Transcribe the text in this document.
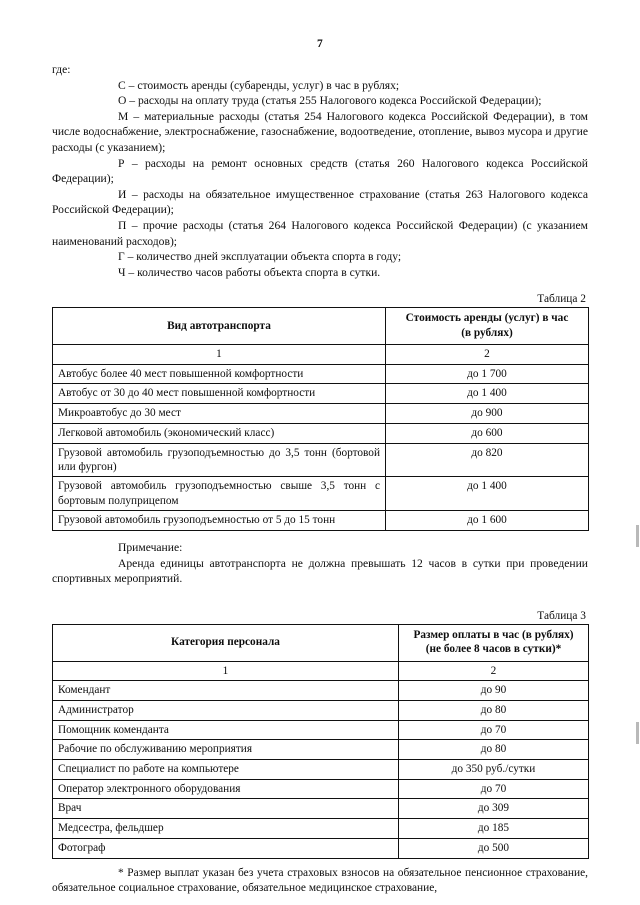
7

где:

С – стоимость аренды (субаренды, услуг) в час в рублях;

О – расходы на оплату труда (статья 255 Налогового кодекса Российской Федерации);

М – материальные расходы (статья 254 Налогового кодекса Российской Федерации), в том числе водоснабжение, электроснабжение, газоснабжение, водоотведение, отопление, вывоз мусора и другие расходы (с указанием);

Р – расходы на ремонт основных средств (статья 260 Налогового кодекса Российской Федерации);

И – расходы на обязательное имущественное страхование (статья 263 Налогового кодекса Российской Федерации);

П – прочие расходы (статья 264 Налогового кодекса Российской Федерации) (с указанием наименований расходов);

Г – количество дней эксплуатации объекта спорта в году;

Ч – количество часов работы объекта спорта в сутки.

Таблица 2
Вид автотранспорта	Стоимость аренды (услуг) в час
(в рублях)
1	2
Автобус более 40 мест повышенной комфортности	до 1 700
Автобус от 30 до 40 мест повышенной комфортности	до 1 400
Микроавтобус до 30 мест	до 900
Легковой автомобиль (экономический класс)	до 600
Грузовой автомобиль грузоподъемностью до 3,5 тонн (бортовой или фургон)	до 820
Грузовой автомобиль грузоподъемностью свыше 3,5 тонн с бортовым полуприцепом	до 1 400
Грузовой автомобиль грузоподъемностью от 5 до 15 тонн	до 1 600

Примечание:

Аренда единицы автотранспорта не должна превышать 12 часов в сутки при проведении спортивных мероприятий.

Таблица 3
Категория персонала	Размер оплаты в час (в рублях)
(не более 8 часов в сутки)*
1	2
Комендант	до 90
Администратор	до 80
Помощник коменданта	до 70
Рабочие по обслуживанию мероприятия	до 80
Специалист по работе на компьютере	до 350 руб./сутки
Оператор электронного оборудования	до 70
Врач	до 309
Медсестра, фельдшер	до 185
Фотограф	до 500

* Размер выплат указан без учета страховых взносов на обязательное пенсионное страхование, обязательное социальное страхование, обязательное медицинское страхование,
